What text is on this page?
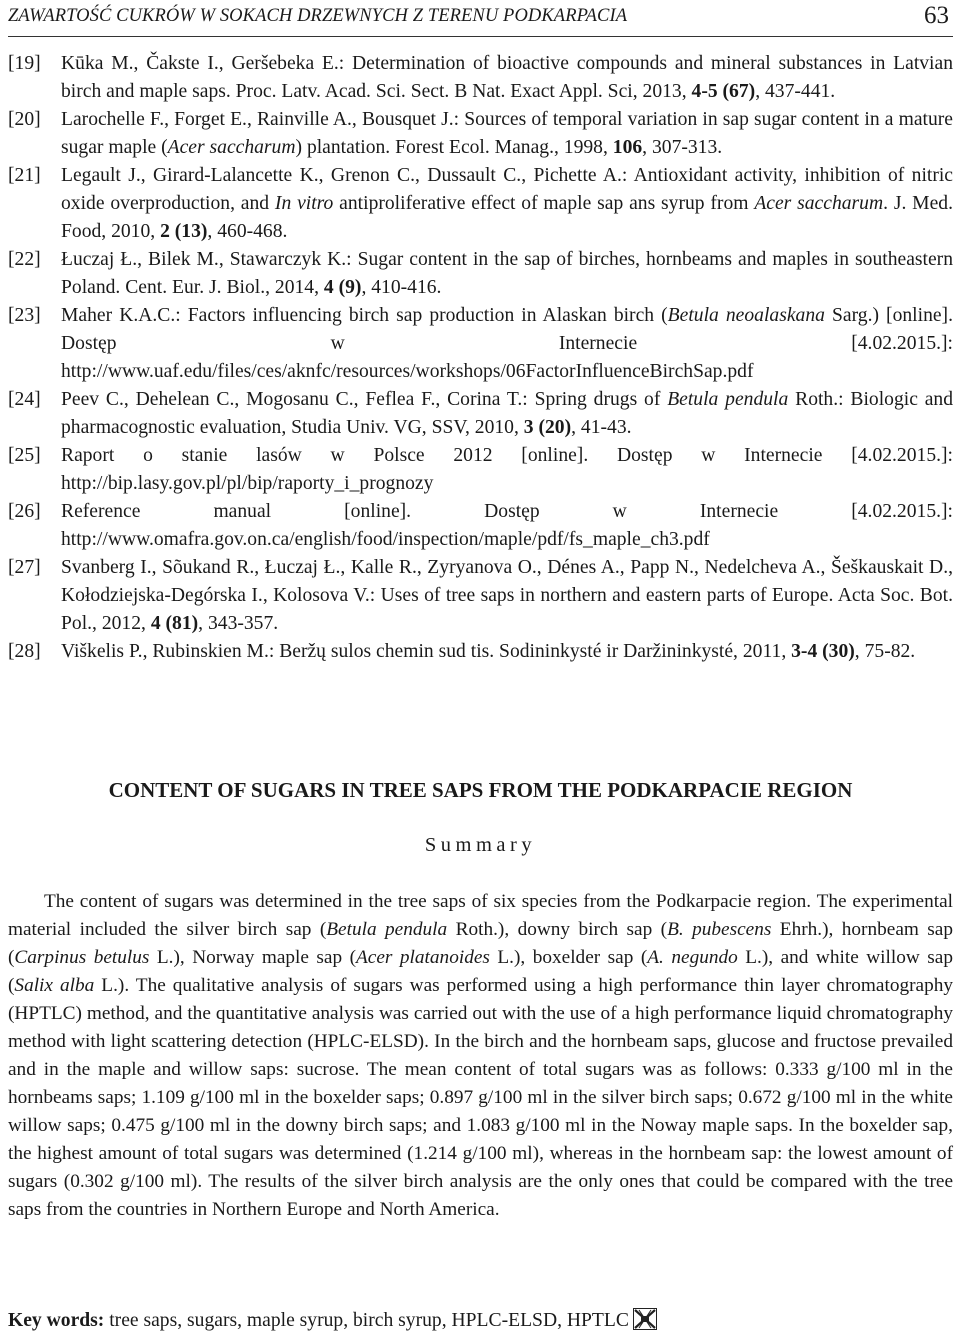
ZAWARTOŚĆ CUKRÓW W SOKACH DRZEWNYCH Z TERENU PODKARPACIA	63
[19] Kūka M., Čakste I., Geršebeka E.: Determination of bioactive compounds and mineral substances in Latvian birch and maple saps. Proc. Latv. Acad. Sci. Sect. B Nat. Exact Appl. Sci, 2013, 4-5 (67), 437-441.
[20] Larochelle F., Forget E., Rainville A., Bousquet J.: Sources of temporal variation in sap sugar content in a mature sugar maple (Acer saccharum) plantation. Forest Ecol. Manag., 1998, 106, 307-313.
[21] Legault J., Girard-Lalancette K., Grenon C., Dussault C., Pichette A.: Antioxidant activity, inhibition of nitric oxide overproduction, and In vitro antiproliferative effect of maple sap ans syrup from Acer saccharum. J. Med. Food, 2010, 2 (13), 460-468.
[22] Łuczaj Ł., Bilek M., Stawarczyk K.: Sugar content in the sap of birches, hornbeams and maples in southeastern Poland. Cent. Eur. J. Biol., 2014, 4 (9), 410-416.
[23] Maher K.A.C.: Factors influencing birch sap production in Alaskan birch (Betula neoalaskana Sarg.) [online]. Dostęp w Internecie [4.02.2015.]: http://www.uaf.edu/files/ces/aknfc/resources/workshops/06FactorInfluenceBirchSap.pdf
[24] Peev C., Dehelean C., Mogosanu C., Feflea F., Corina T.: Spring drugs of Betula pendula Roth.: Biologic and pharmacognostic evaluation, Studia Univ. VG, SSV, 2010, 3 (20), 41-43.
[25] Raport o stanie lasów w Polsce 2012 [online]. Dostęp w Internecie [4.02.2015.]: http://bip.lasy.gov.pl/pl/bip/raporty_i_prognozy
[26] Reference manual [online]. Dostęp w Internecie [4.02.2015.]: http://www.omafra.gov.on.ca/english/food/inspection/maple/pdf/fs_maple_ch3.pdf
[27] Svanberg I., Sõukand R., Łuczaj Ł., Kalle R., Zyryanova O., Dénes A., Papp N., Nedelcheva A., Šeškauskait D., Kołodziejska-Degórska I., Kolosova V.: Uses of tree saps in northern and eastern parts of Europe. Acta Soc. Bot. Pol., 2012, 4 (81), 343-357.
[28] Viškelis P., Rubinskien M.: Beržų sulos chemin sud tis. Sodininkysté ir Daržininkysté, 2011, 3-4 (30), 75-82.
CONTENT OF SUGARS IN TREE SAPS FROM THE PODKARPACIE REGION
Summary

The content of sugars was determined in the tree saps of six species from the Podkarpacie region. The experimental material included the silver birch sap (Betula pendula Roth.), downy birch sap (B. pubescens Ehrh.), hornbeam sap (Carpinus betulus L.), Norway maple sap (Acer platanoides L.), boxelder sap (A. negundo L.), and white willow sap (Salix alba L.). The qualitative analysis of sugars was performed using a high performance thin layer chromatography (HPTLC) method, and the quantitative analysis was carried out with the use of a high performance liquid chromatography method with light scattering detection (HPLC-ELSD). In the birch and the hornbeam saps, glucose and fructose prevailed and in the maple and willow saps: sucrose. The mean content of total sugars was as follows: 0.333 g/100 ml in the hornbeams saps; 1.109 g/100 ml in the boxelder saps; 0.897 g/100 ml in the silver birch saps; 0.672 g/100 ml in the white willow saps; 0.475 g/100 ml in the downy birch saps; and 1.083 g/100 ml in the Noway maple saps. In the boxelder sap, the highest amount of total sugars was determined (1.214 g/100 ml), whereas in the hornbeam sap: the lowest amount of sugars (0.302 g/100 ml). The results of the silver birch analysis are the only ones that could be compared with the tree saps from the countries in Northern Europe and North America.

Key words: tree saps, sugars, maple syrup, birch syrup, HPLC-ELSD, HPTLC
